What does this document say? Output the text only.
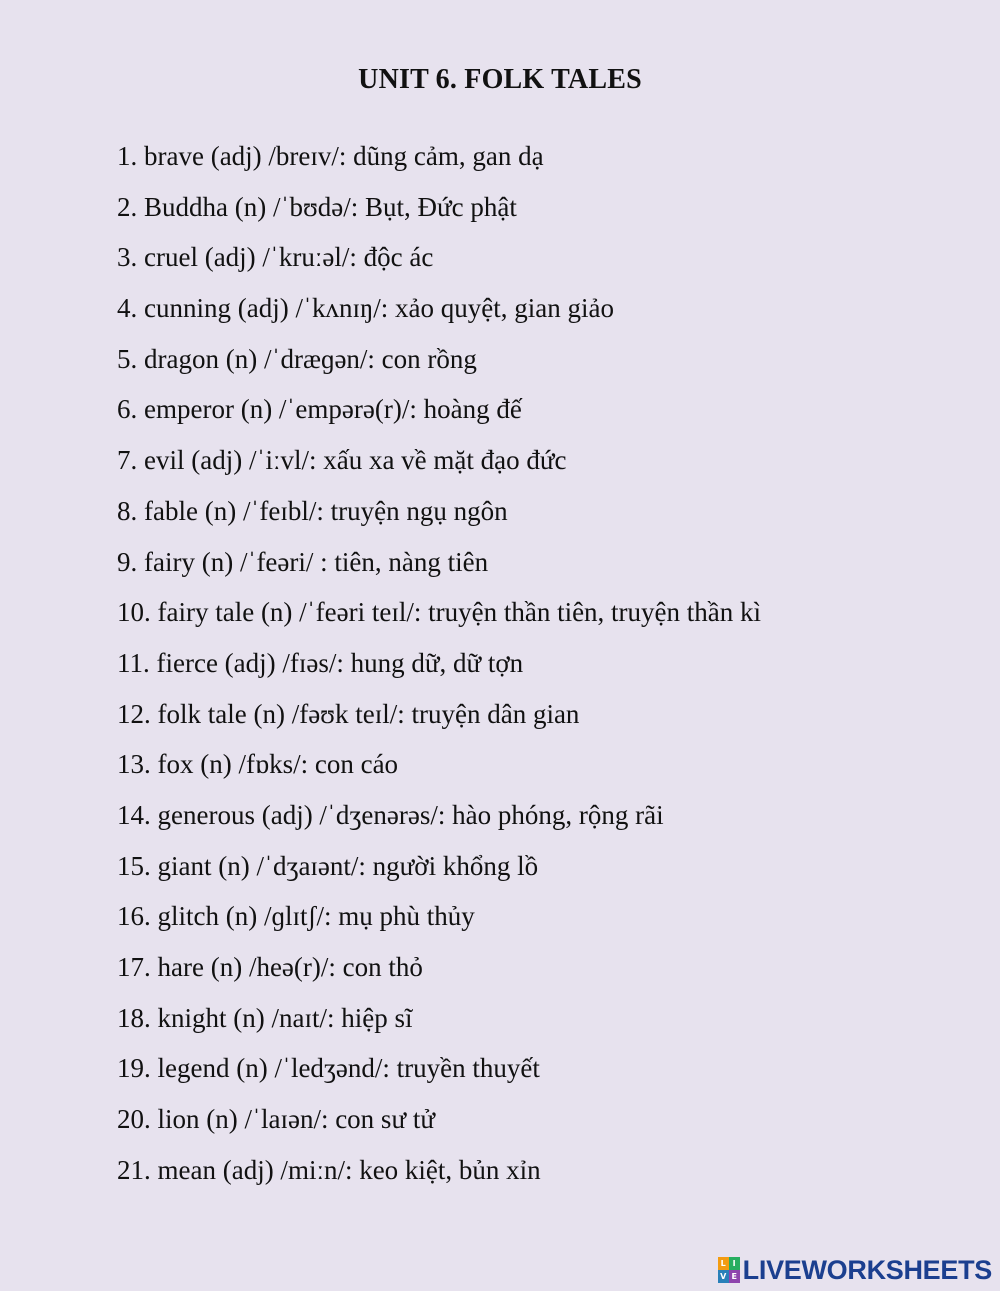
UNIT 6. FOLK TALES
1. brave (adj) /breɪv/: dũng cảm, gan dạ
2. Buddha (n) /ˈbʊdə/: Bụt, Đức phật
3. cruel (adj) /ˈkruːəl/: độc ác
4. cunning (adj) /ˈkʌnɪŋ/: xảo quyệt, gian giảo
5. dragon (n) /ˈdræɡən/: con rồng
6. emperor (n) /ˈempərə(r)/: hoàng đế
7. evil (adj) /ˈiːvl/: xấu xa về mặt đạo đức
8. fable (n) /ˈfeɪbl/: truyện ngụ ngôn
9. fairy (n) /ˈfeəri/ : tiên, nàng tiên
10. fairy tale (n) /ˈfeəri teɪl/: truyện thần tiên, truyện thần kì
11. fierce (adj) /fɪəs/: hung dữ, dữ tợn
12. folk tale (n) /fəʊk teɪl/: truyện dân gian
13. fox (n) /fɒks/: con cáo
14. generous (adj) /ˈdʒenərəs/: hào phóng, rộng rãi
15. giant (n) /ˈdʒaɪənt/: người khổng lồ
16. glitch (n) /ɡlɪtʃ/: mụ phù thủy
17. hare (n) /heə(r)/: con thỏ
18. knight (n) /naɪt/: hiệp sĩ
19. legend (n) /ˈledʒənd/: truyền thuyết
20. lion (n) /ˈlaɪən/: con sư tử
21. mean (adj) /miːn/: keo kiệt, bủn xỉn
L I
V E LIVEWORKSHEETS
